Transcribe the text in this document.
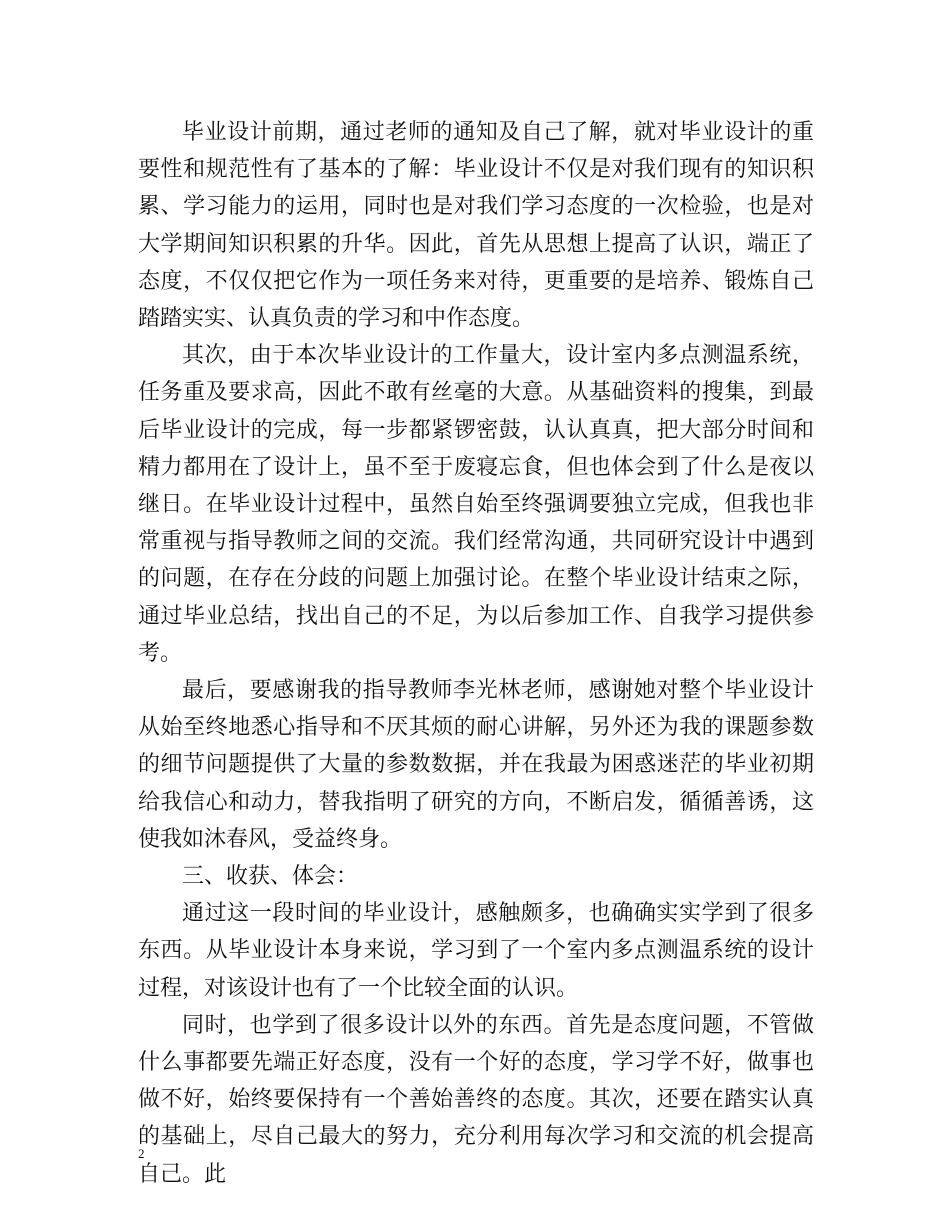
毕业设计前期，通过老师的通知及自己了解，就对毕业设计的重要性和规范性有了基本的了解：毕业设计不仅是对我们现有的知识积累、学习能力的运用，同时也是对我们学习态度的一次检验，也是对大学期间知识积累的升华。因此，首先从思想上提高了认识，端正了态度，不仅仅把它作为一项任务来对待，更重要的是培养、锻炼自己踏踏实实、认真负责的学习和中作态度。

其次，由于本次毕业设计的工作量大，设计室内多点测温系统，任务重及要求高，因此不敢有丝毫的大意。从基础资料的搜集，到最后毕业设计的完成，每一步都紧锣密鼓，认认真真，把大部分时间和精力都用在了设计上，虽不至于废寝忘食，但也体会到了什么是夜以继日。在毕业设计过程中，虽然自始至终强调要独立完成，但我也非常重视与指导教师之间的交流。我们经常沟通，共同研究设计中遇到的问题，在存在分歧的问题上加强讨论。在整个毕业设计结束之际，通过毕业总结，找出自己的不足，为以后参加工作、自我学习提供参考。

最后，要感谢我的指导教师李光林老师，感谢她对整个毕业设计从始至终地悉心指导和不厌其烦的耐心讲解，另外还为我的课题参数的细节问题提供了大量的参数数据，并在我最为困惑迷茫的毕业初期给我信心和动力，替我指明了研究的方向，不断启发，循循善诱，这使我如沐春风，受益终身。

三、收获、体会：

通过这一段时间的毕业设计，感触颇多，也确确实实学到了很多东西。从毕业设计本身来说，学习到了一个室内多点测温系统的设计过程，对该设计也有了一个比较全面的认识。

同时，也学到了很多设计以外的东西。首先是态度问题，不管做什么事都要先端正好态度，没有一个好的态度，学习学不好，做事也做不好，始终要保持有一个善始善终的态度。其次，还要在踏实认真的基础上，尽自己最大的努力，充分利用每次学习和交流的机会提高自己。此

2
